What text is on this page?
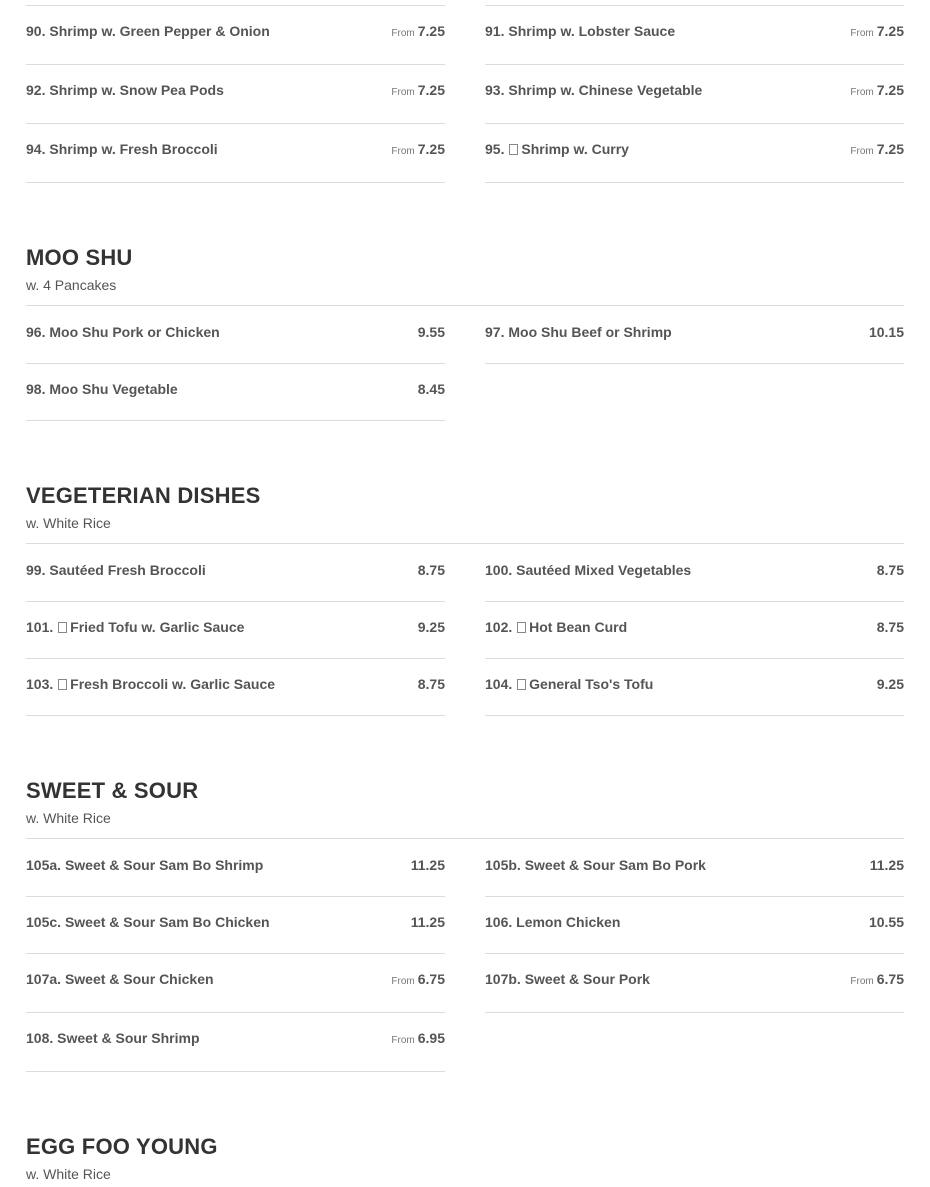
90. Shrimp w. Green Pepper & Onion	From 7.25	91. Shrimp w. Lobster Sauce	From 7.25
92. Shrimp w. Snow Pea Pods	From 7.25	93. Shrimp w. Chinese Vegetable	From 7.25
94. Shrimp w. Fresh Broccoli	From 7.25	95. Shrimp w. Curry	From 7.25
MOO SHU
w. 4 Pancakes
96. Moo Shu Pork or Chicken	9.55	97. Moo Shu Beef or Shrimp	10.15
98. Moo Shu Vegetable	8.45
VEGETERIAN DISHES
w. White Rice
99. Sautéed Fresh Broccoli	8.75	100. Sautéed Mixed Vegetables	8.75
101. Fried Tofu w. Garlic Sauce	9.25	102. Hot Bean Curd	8.75
103. Fresh Broccoli w. Garlic Sauce	8.75	104. General Tso's Tofu	9.25
SWEET & SOUR
w. White Rice
105a. Sweet & Sour Sam Bo Shrimp	11.25	105b. Sweet & Sour Sam Bo Pork	11.25
105c. Sweet & Sour Sam Bo Chicken	11.25	106. Lemon Chicken	10.55
107a. Sweet & Sour Chicken	From 6.75	107b. Sweet & Sour Pork	From 6.75
108. Sweet & Sour Shrimp	From 6.95
EGG FOO YOUNG
w. White Rice
